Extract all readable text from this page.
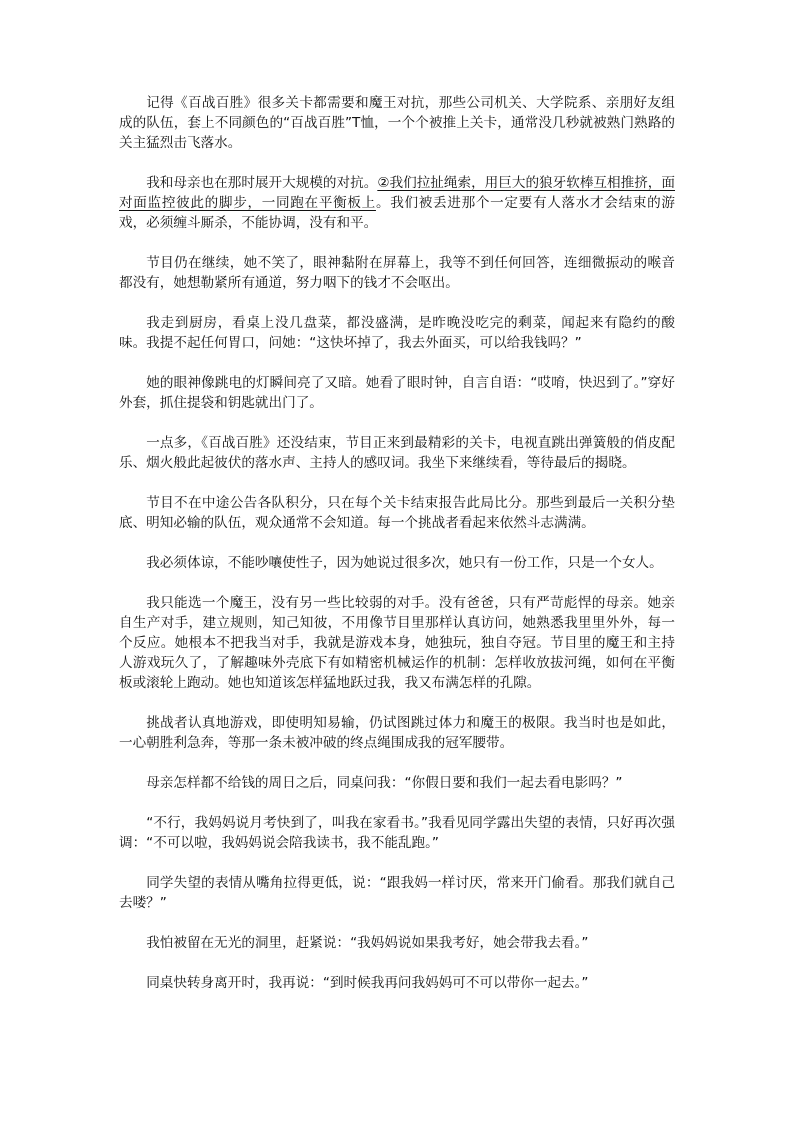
记得《百战百胜》很多关卡都需要和魔王对抗，那些公司机关、大学院系、亲朋好友组成的队伍，套上不同颜色的“百战百胜”T恤，一个个被推上关卡，通常没几秒就被熟门熟路的关主猛烈击飞落水。

我和母亲也在那时展开大规模的对抗。②我们拉扯绳索，用巨大的狼牙软棒互相推挤，面对面监控彼此的脚步，一同跑在平衡板上。我们被丢进那个一定要有人落水才会结束的游戏，必须缠斗厮杀，不能协调，没有和平。

节目仍在继续，她不笑了，眼神黏附在屏幕上，我等不到任何回答，连细微振动的喉音都没有，她想勒紧所有通道，努力咽下的钱才不会呕出。

我走到厨房，看桌上没几盘菜，都没盛满，是昨晚没吃完的剩菜，闻起来有隐约的酸味。我提不起任何胃口，问她：“这快坏掉了，我去外面买，可以给我钱吗？”

她的眼神像跳电的灯瞬间亮了又暗。她看了眼时钟，自言自语：“哎唷，快迟到了。”穿好外套，抓住提袋和钥匙就出门了。

一点多，《百战百胜》还没结束，节目正来到最精彩的关卡，电视直跳出弹簧般的俏皮配乐、烟火般此起彼伏的落水声、主持人的感叹词。我坐下来继续看，等待最后的揭晓。

节目不在中途公告各队积分，只在每个关卡结束报告此局比分。那些到最后一关积分垫底、明知必输的队伍，观众通常不会知道。每一个挑战者看起来依然斗志满满。

我必须体谅，不能吵嚷使性子，因为她说过很多次，她只有一份工作，只是一个女人。

我只能选一个魔王，没有另一些比较弱的对手。没有爸爸，只有严苛彪悍的母亲。她亲自生产对手，建立规则，知己知彼，不用像节目里那样认真访问，她熟悉我里里外外，每一个反应。她根本不把我当对手，我就是游戏本身，她独玩，独自夺冠。节目里的魔王和主持人游戏玩久了，了解趣味外壳底下有如精密机械运作的机制：怎样收放拔河绳，如何在平衡板或滚轮上跑动。她也知道该怎样猛地跃过我，我又布满怎样的孔隙。

挑战者认真地游戏，即使明知易输，仍试图跳过体力和魔王的极限。我当时也是如此，一心朝胜利急奔，等那一条未被冲破的终点绳围成我的冠军腰带。

母亲怎样都不给钱的周日之后，同桌问我：“你假日要和我们一起去看电影吗？”

“不行，我妈妈说月考快到了，叫我在家看书。”我看见同学露出失望的表情，只好再次强调：“不可以啦，我妈妈说会陪我读书，我不能乱跑。”

同学失望的表情从嘴角拉得更低，说：“跟我妈一样讨厌，常来开门偷看。那我们就自己去喽？”

我怕被留在无光的洞里，赶紧说：“我妈妈说如果我考好，她会带我去看。”

同桌快转身离开时，我再说：“到时候我再问我妈妈可不可以带你一起去。”
